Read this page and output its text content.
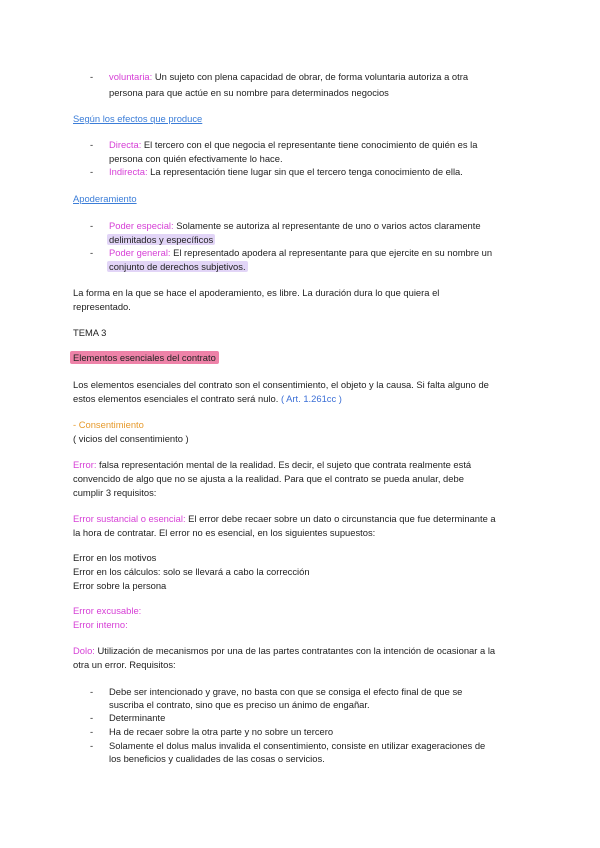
- voluntaria: Un sujeto con plena capacidad de obrar, de forma voluntaria autoriza a otra
persona para que actúe en su nombre para determinados negocios
Según los efectos que produce
- Directa: El tercero con el que negocia el representante tiene conocimiento de quién es la
persona con quién efectivamente lo hace.
- Indirecta: La representación tiene lugar sin que el tercero tenga conocimiento de ella.
Apoderamiento
- Poder especial: Solamente se autoriza al representante de uno o varios actos claramente
delimitados y específicos
- Poder general: El representado apodera al representante para que ejercite en su nombre un
conjunto de derechos subjetivos.
La forma en la que se hace el apoderamiento, es libre. La duración dura lo que quiera el
representado.
TEMA 3
Elementos esenciales del contrato
Los elementos esenciales del contrato son el consentimiento, el objeto y la causa. Si falta alguno de
estos elementos esenciales el contrato será nulo. ( Art. 1.261cc )
- Consentimiento
( vicios del consentimiento )
Error: falsa representación mental de la realidad. Es decir, el sujeto que contrata realmente está
convencido de algo que no se ajusta a la realidad. Para que el contrato se pueda anular, debe
cumplir 3 requisitos:
Error sustancial o esencial: El error debe recaer sobre un dato o circunstancia que fue determinante a
la hora de contratar. El error no es esencial, en los siguientes supuestos:
Error en los motivos
Error en los cálculos: solo se llevará a cabo la corrección
Error sobre la persona
Error excusable:
Error interno:
Dolo: Utilización de mecanismos por una de las partes contratantes con la intención de ocasionar a la
otra un error. Requisitos:
- Debe ser intencionado y grave, no basta con que se consiga el efecto final de que se
suscriba el contrato, sino que es preciso un ánimo de engañar.
- Determinante
- Ha de recaer sobre la otra parte y no sobre un tercero
- Solamente el dolus malus invalida el consentimiento, consiste en utilizar exageraciones de
los beneficios y cualidades de las cosas o servicios.
